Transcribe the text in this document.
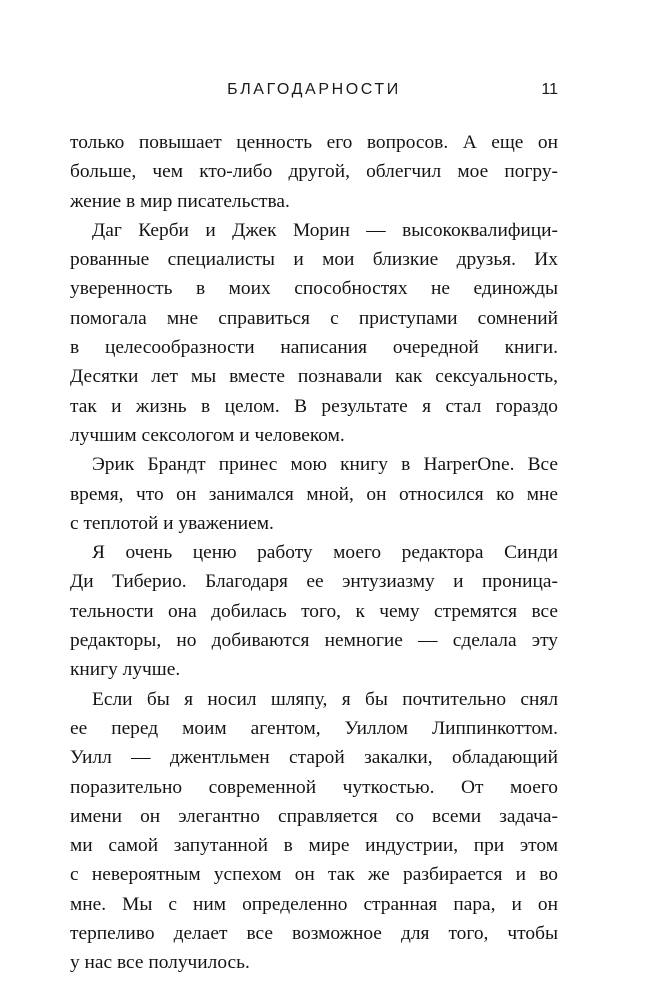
БЛАГОДАРНОСТИ	11
только повышает ценность его вопросов. А еще он
больше, чем кто-либо другой, облегчил мое погру-
жение в мир писательства.
Даг Керби и Джек Морин — высококвалифици-
рованные специалисты и мои близкие друзья. Их
уверенность в моих способностях не единожды
помогала мне справиться с приступами сомнений
в целесообразности написания очередной книги.
Десятки лет мы вместе познавали как сексуальность,
так и жизнь в целом. В результате я стал гораздо
лучшим сексологом и человеком.
Эрик Брандт принес мою книгу в HarperOne. Все
время, что он занимался мной, он относился ко мне
с теплотой и уважением.
Я очень ценю работу моего редактора Синди
Ди Тиберио. Благодаря ее энтузиазму и проница-
тельности она добилась того, к чему стремятся все
редакторы, но добиваются немногие — сделала эту
книгу лучше.
Если бы я носил шляпу, я бы почтительно снял
ее перед моим агентом, Уиллом Липпинкоттом.
Уилл — джентльмен старой закалки, обладающий
поразительно современной чуткостью. От моего
имени он элегантно справляется со всеми задача-
ми самой запутанной в мире индустрии, при этом
с невероятным успехом он так же разбирается и во
мне. Мы с ним определенно странная пара, и он
терпеливо делает все возможное для того, чтобы
у нас все получилось.
